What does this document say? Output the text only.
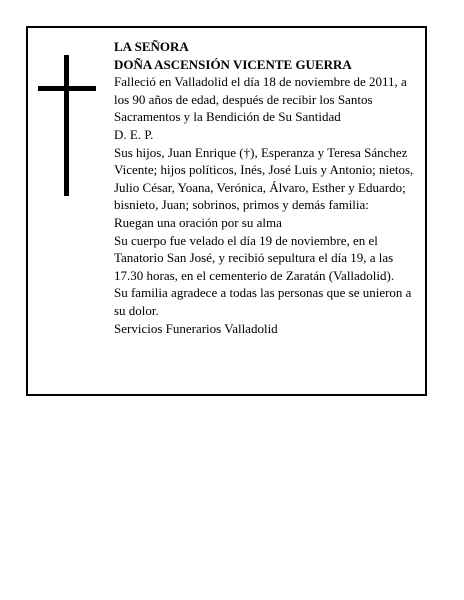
LA SEÑORA

DOÑA ASCENSIÓN VICENTE GUERRA

Falleció en Valladolid el día 18 de noviembre de 2011, a los 90 años de edad, después de recibir los Santos Sacramentos y la Bendición de Su Santidad

D. E. P.

Sus hijos, Juan Enrique (†), Esperanza y Teresa Sánchez Vicente; hijos políticos, Inés, José Luis y Antonio; nietos, Julio César, Yoana, Verónica, Álvaro, Esther y Eduardo; bisnieto, Juan; sobrinos, primos y demás familia:

Ruegan una oración por su alma

Su cuerpo fue velado el día 19 de noviembre, en el Tanatorio San José, y recibió sepultura el día 19, a las 17.30 horas, en el cementerio de Zaratán (Valladolid).

Su familia agradece a todas las personas que se unieron a su dolor.

Servicios Funerarios Valladolid
